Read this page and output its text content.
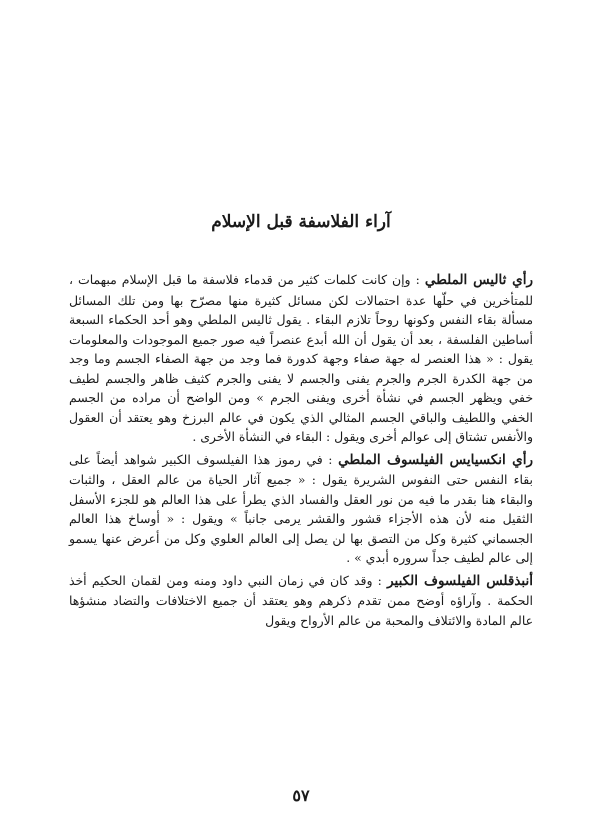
آراء الفلاسفة قبل الإسلام

رأي ثاليس الملطي : وإن كانت كلمات كثير من قدماء فلاسفة ما قبل الإسلام مبهمات ، للمتأخرين في حلّها عدة احتمالات لكن مسائل كثيرة منها مصرّح بها ومن تلك المسائل مسألة بقاء النفس وكونها روحاً تلازم البقاء . يقول ثاليس الملطي وهو أحد الحكماء السبعة أساطين الفلسفة ، بعد أن يقول أن الله أبدع عنصراً فيه صور جميع الموجودات والمعلومات يقول : « هذا العنصر له جهة صفاء وجهة كدورة فما وجد من جهة الصفاء الجسم وما وجد من جهة الكدرة الجرم والجرم يفنى والجسم لا يفنى والجرم كثيف ظاهر والجسم لطيف خفي ويظهر الجسم في نشأة أخرى ويفنى الجرم » ومن الواضح أن مراده من الجسم الخفي واللطيف والباقي الجسم المثالي الذي يكون في عالم البرزخ وهو يعتقد أن العقول والأنفس تشتاق إلى عوالم أخرى ويقول : البقاء في النشأة الأخرى .

رأي انكسيايس الفيلسوف الملطي : في رموز هذا الفيلسوف الكبير شواهد أيضاً على بقاء النفس حتى النفوس الشريرة يقول : « جميع آثار الحياة من عالم العقل ، والثبات والبقاء هنا بقدر ما فيه من نور العقل والفساد الذي يطرأ على هذا العالم هو للجزء الأسفل الثقيل منه لأن هذه الأجزاء قشور والقشر يرمى جانباً » ويقول : « أوساخ هذا العالم الجسماني كثيرة وكل من التصق بها لن يصل إلى العالم العلوي وكل من أعرض عنها يسمو إلى عالم لطيف جداً سروره أبدي » .

أنبذقلس الفيلسوف الكبير : وقد كان في زمان النبي داود ومنه ومن لقمان الحكيم أخذ الحكمة . وآراؤه أوضح ممن تقدم ذكرهم وهو يعتقد أن جميع الاختلافات والتضاد منشؤها عالم المادة والائتلاف والمحبة من عالم الأرواح ويقول

٥٧
